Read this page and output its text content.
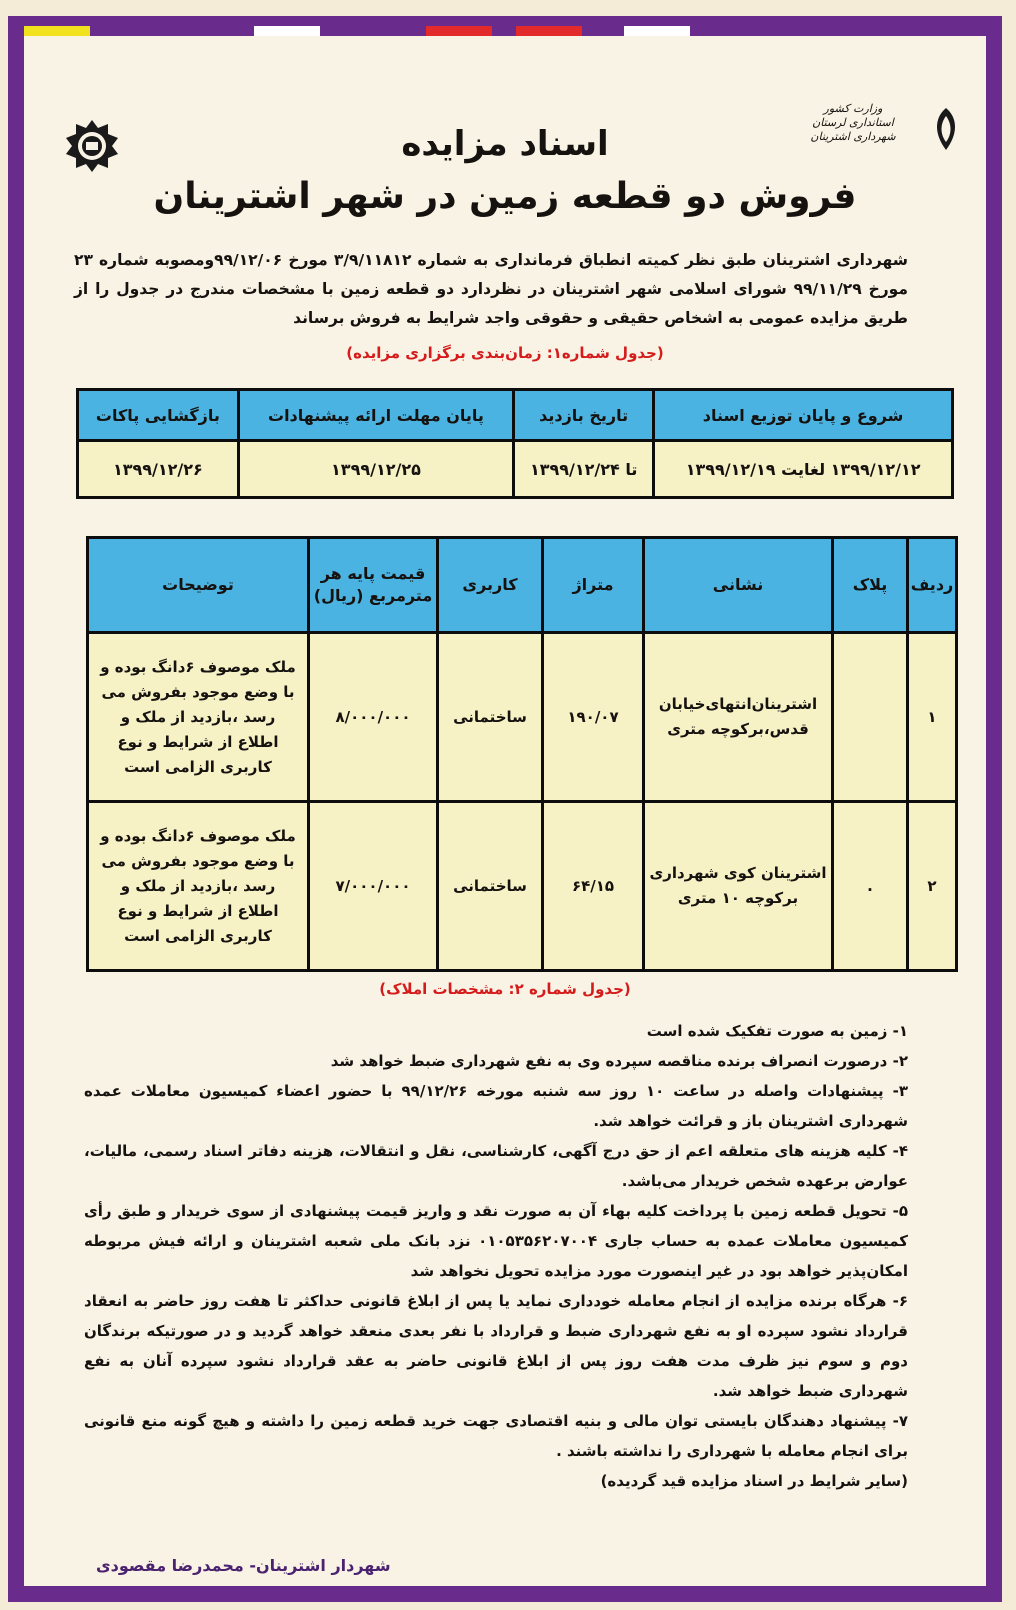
وزارت کشور
استانداری لرستان
شهرداری اشترینان
اسناد مزایده
فروش دو قطعه زمین در شهر اشترینان
شهرداری اشترینان طبق نظر کمیته انطباق فرمانداری به شماره ۳/۹/۱۱۸۱۲ مورخ ۹۹/۱۲/۰۶ومصوبه شماره ۲۳ مورخ ۹۹/۱۱/۲۹ شورای اسلامی شهر اشترینان در نظردارد دو قطعه زمین با مشخصات مندرج در جدول را از طریق مزایده عمومی به اشخاص حقیقی و حقوقی واجد شرایط به فروش برساند
(جدول شماره۱: زمان‌بندی برگزاری مزایده)
شروع و پایان توزیع اسناد	تاریخ بازدید	پایان مهلت ارائه پیشنهادات	بازگشایی پاکات
۱۳۹۹/۱۲/۱۲ لغایت ۱۳۹۹/۱۲/۱۹	تا ۱۳۹۹/۱۲/۲۴	۱۳۹۹/۱۲/۲۵	۱۳۹۹/۱۲/۲۶
ردیف	پلاک	نشانی	متراژ	کاربری	قیمت پایه هر مترمربع (ریال)	توضیحات
۱		اشترینان‌انتهای‌خیابان قدس،برکوچه متری	۱۹۰/۰۷	ساختمانی	۸/۰۰۰/۰۰۰	ملک موصوف ۶دانگ بوده و با وضع موجود بفروش می رسد ،بازدید از ملک و اطلاع از شرایط و نوع کاربری الزامی است
۲	.	اشترینان کوی شهرداری برکوچه ۱۰ متری	۶۴/۱۵	ساختمانی	۷/۰۰۰/۰۰۰	ملک موصوف ۶دانگ بوده و با وضع موجود بفروش می رسد ،بازدید از ملک و اطلاع از شرایط و نوع کاربری الزامی است
(جدول شماره ۲: مشخصات املاک)

۱- زمین به صورت تفکیک شده است

۲- درصورت انصراف برنده مناقصه سپرده وی به نفع شهرداری ضبط خواهد شد

۳- پیشنهادات واصله در ساعت ۱۰ روز سه شنبه مورخه ۹۹/۱۲/۲۶ با حضور اعضاء کمیسیون معاملات عمده شهرداری اشترینان باز و قرائت خواهد شد.

۴- کلیه هزینه های متعلقه اعم از حق درج آگهی، کارشناسی، نقل و انتقالات، هزینه دفاتر اسناد رسمی، مالیات، عوارض برعهده شخص خریدار می‌باشد.

۵- تحویل قطعه زمین با پرداخت کلیه بهاء آن به صورت نقد و واریز قیمت پیشنهادی از سوی خریدار و طبق رأی کمیسیون معاملات عمده به حساب جاری ۰۱۰۵۳۵۶۲۰۷۰۰۴ نزد بانک ملی شعبه اشترینان و ارائه فیش مربوطه امکان‌پذیر خواهد بود در غیر اینصورت مورد مزایده تحویل نخواهد شد

۶- هرگاه برنده مزایده از انجام معامله خودداری نماید یا پس از ابلاغ قانونی حداکثر تا هفت روز حاضر به انعقاد قرارداد نشود سپرده او به نفع شهرداری ضبط و قرارداد با نفر بعدی منعقد خواهد گردید و در صورتیکه برندگان دوم و سوم نیز ظرف مدت هفت روز پس از ابلاغ قانونی حاضر به عقد قرارداد نشود سپرده آنان به نفع شهرداری ضبط خواهد شد.

۷- پیشنهاد دهندگان بایستی توان مالی و بنیه اقتصادی جهت خرید قطعه زمین را داشته و هیچ گونه منع قانونی برای انجام معامله با شهرداری را نداشته باشند .

(سایر شرایط در اسناد مزایده قید گردیده)

شهردار اشترینان- محمدرضا مقصودی
